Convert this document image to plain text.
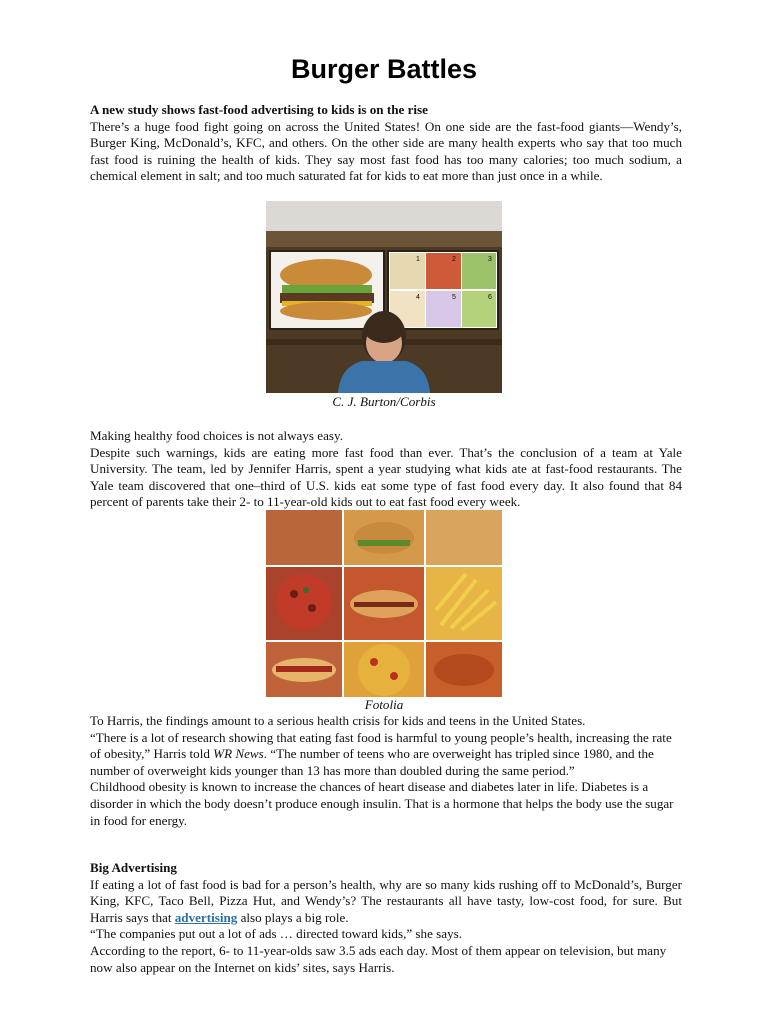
Burger Battles

A new study shows fast-food advertising to kids is on the rise

There’s a huge food fight going on across the United States! On one side are the fast-food giants—Wendy’s, Burger King, McDonald’s, KFC, and others. On the other side are many health experts who say that too much fast food is ruining the health of kids. They say most fast food has too many calories; too much sodium, a chemical element in salt; and too much saturated fat for kids to eat more than just once in a while.

1	2	3
4	5	6
C. J. Burton/Corbis

Making healthy food choices is not always easy.

Despite such warnings, kids are eating more fast food than ever. That’s the conclusion of a team at Yale University. The team, led by Jennifer Harris, spent a year studying what kids ate at fast-food restaurants. The Yale team discovered that one–third of U.S. kids eat some type of fast food every day. It also found that 84 percent of parents take their 2- to 11-year-old kids out to eat fast food every week.

Fotolia

To Harris, the findings amount to a serious health crisis for kids and teens in the United States.

“There is a lot of research showing that eating fast food is harmful to young people’s health, increasing the rate of obesity,” Harris told WR News. “The number of teens who are overweight has tripled since 1980, and the number of overweight kids younger than 13 has more than doubled during the same period.”

Childhood obesity is known to increase the chances of heart disease and diabetes later in life. Diabetes is a disorder in which the body doesn’t produce enough insulin. That is a hormone that helps the body use the sugar in food for energy.

Big Advertising

If eating a lot of fast food is bad for a person’s health, why are so many kids rushing off to McDonald’s, Burger King, KFC, Taco Bell, Pizza Hut, and Wendy’s? The restaurants all have tasty, low-cost food, for sure. But Harris says that advertising also plays a big role.

“The companies put out a lot of ads … directed toward kids,” she says.

According to the report, 6- to 11-year-olds saw 3.5 ads each day. Most of them appear on television, but many now also appear on the Internet on kids’ sites, says Harris.
